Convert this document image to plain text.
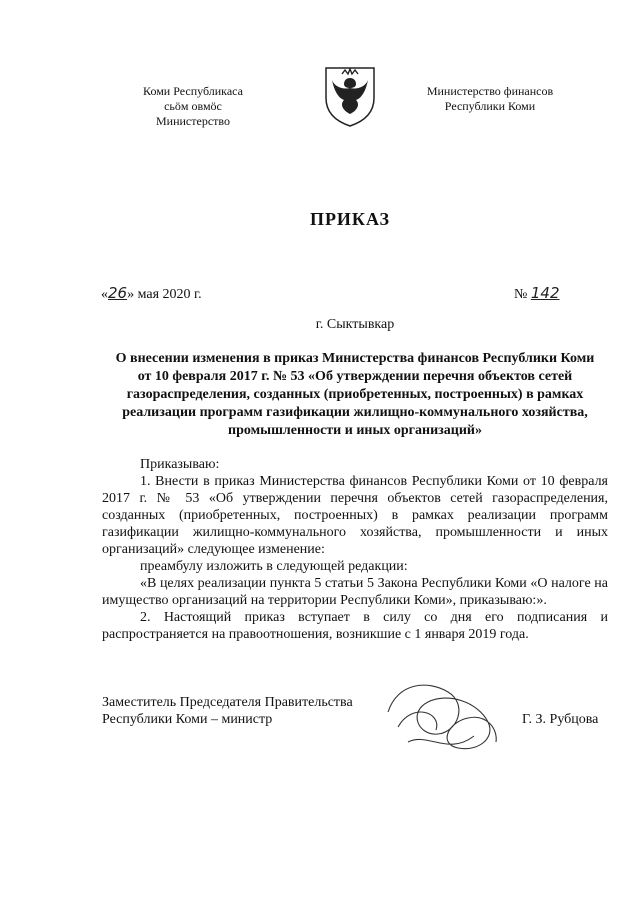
Коми Республикаса
сьӧм овмӧс
Министерство
Министерство финансов
Республики Коми
ПРИКАЗ
«26» мая 2020 г.	№ 142
г. Сыктывкар
О внесении изменения в приказ Министерства финансов Республики Коми от 10 февраля 2017 г. № 53 «Об утверждении перечня объектов сетей газораспределения, созданных (приобретенных, построенных) в рамках реализации программ газификации жилищно-коммунального хозяйства, промышленности и иных организаций»

Приказываю:

1. Внести в приказ Министерства финансов Республики Коми от 10 февраля 2017 г. № 53 «Об утверждении перечня объектов сетей газораспределения, созданных (приобретенных, построенных) в рамках реализации программ газификации жилищно-коммунального хозяйства, промышленности и иных организаций» следующее изменение:

преамбулу изложить в следующей редакции:

«В целях реализации пункта 5 статьи 5 Закона Республики Коми «О налоге на имущество организаций на территории Республики Коми», приказываю:».

2. Настоящий приказ вступает в силу со дня его подписания и распространяется на правоотношения, возникшие с 1 января 2019 года.

Заместитель Председателя Правительства
Республики Коми – министр	Г. З. Рубцова
